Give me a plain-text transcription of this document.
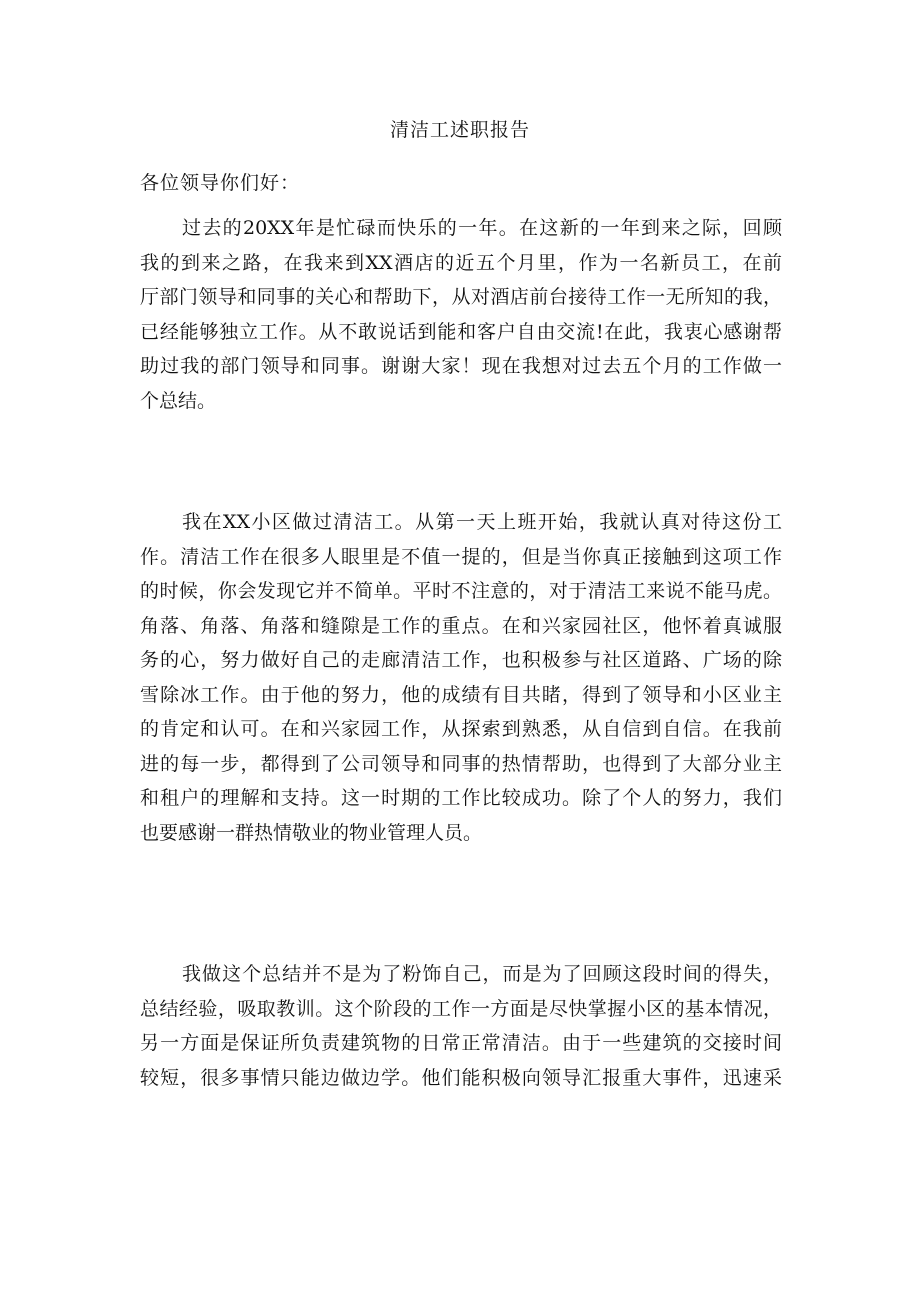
清洁工述职报告
各位领导你们好：
过去的20XX年是忙碌而快乐的一年。在这新的一年到来之际，回顾
我的到来之路，在我来到XX酒店的近五个月里，作为一名新员工，在前
厅部门领导和同事的关心和帮助下，从对酒店前台接待工作一无所知的我，
已经能够独立工作。从不敢说话到能和客户自由交流!在此，我衷心感谢帮
助过我的部门领导和同事。谢谢大家！现在我想对过去五个月的工作做一
个总结。
我在XX小区做过清洁工。从第一天上班开始，我就认真对待这份工
作。清洁工作在很多人眼里是不值一提的，但是当你真正接触到这项工作
的时候，你会发现它并不简单。平时不注意的，对于清洁工来说不能马虎。
角落、角落、角落和缝隙是工作的重点。在和兴家园社区，他怀着真诚服
务的心，努力做好自己的走廊清洁工作，也积极参与社区道路、广场的除
雪除冰工作。由于他的努力，他的成绩有目共睹，得到了领导和小区业主
的肯定和认可。在和兴家园工作，从探索到熟悉，从自信到自信。在我前
进的每一步，都得到了公司领导和同事的热情帮助，也得到了大部分业主
和租户的理解和支持。这一时期的工作比较成功。除了个人的努力，我们
也要感谢一群热情敬业的物业管理人员。
我做这个总结并不是为了粉饰自己，而是为了回顾这段时间的得失，
总结经验，吸取教训。这个阶段的工作一方面是尽快掌握小区的基本情况，
另一方面是保证所负责建筑物的日常正常清洁。由于一些建筑的交接时间
较短，很多事情只能边做边学。他们能积极向领导汇报重大事件，迅速采
